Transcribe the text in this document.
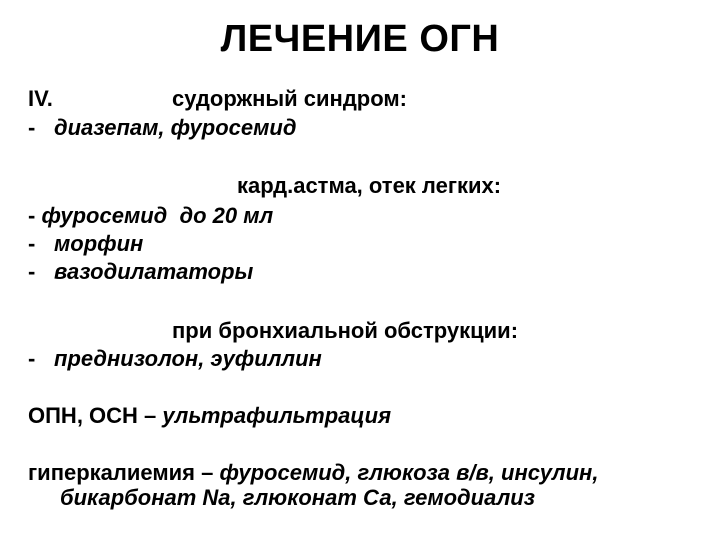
ЛЕЧЕНИЕ ОГН
IV.	судоржный синдром:
- диазепам, фуросемид
кард.астма, отек легких:
- фуросемид  до 20 мл
- морфин
- вазодилататоры
при бронхиальной обструкции:
- преднизолон, эуфиллин
ОПН, ОСН – ультрафильтрация
гиперкалиемия – фуросемид, глюкоза в/в, инсулин,
бикарбонат Na, глюконат Са, гемодиализ
